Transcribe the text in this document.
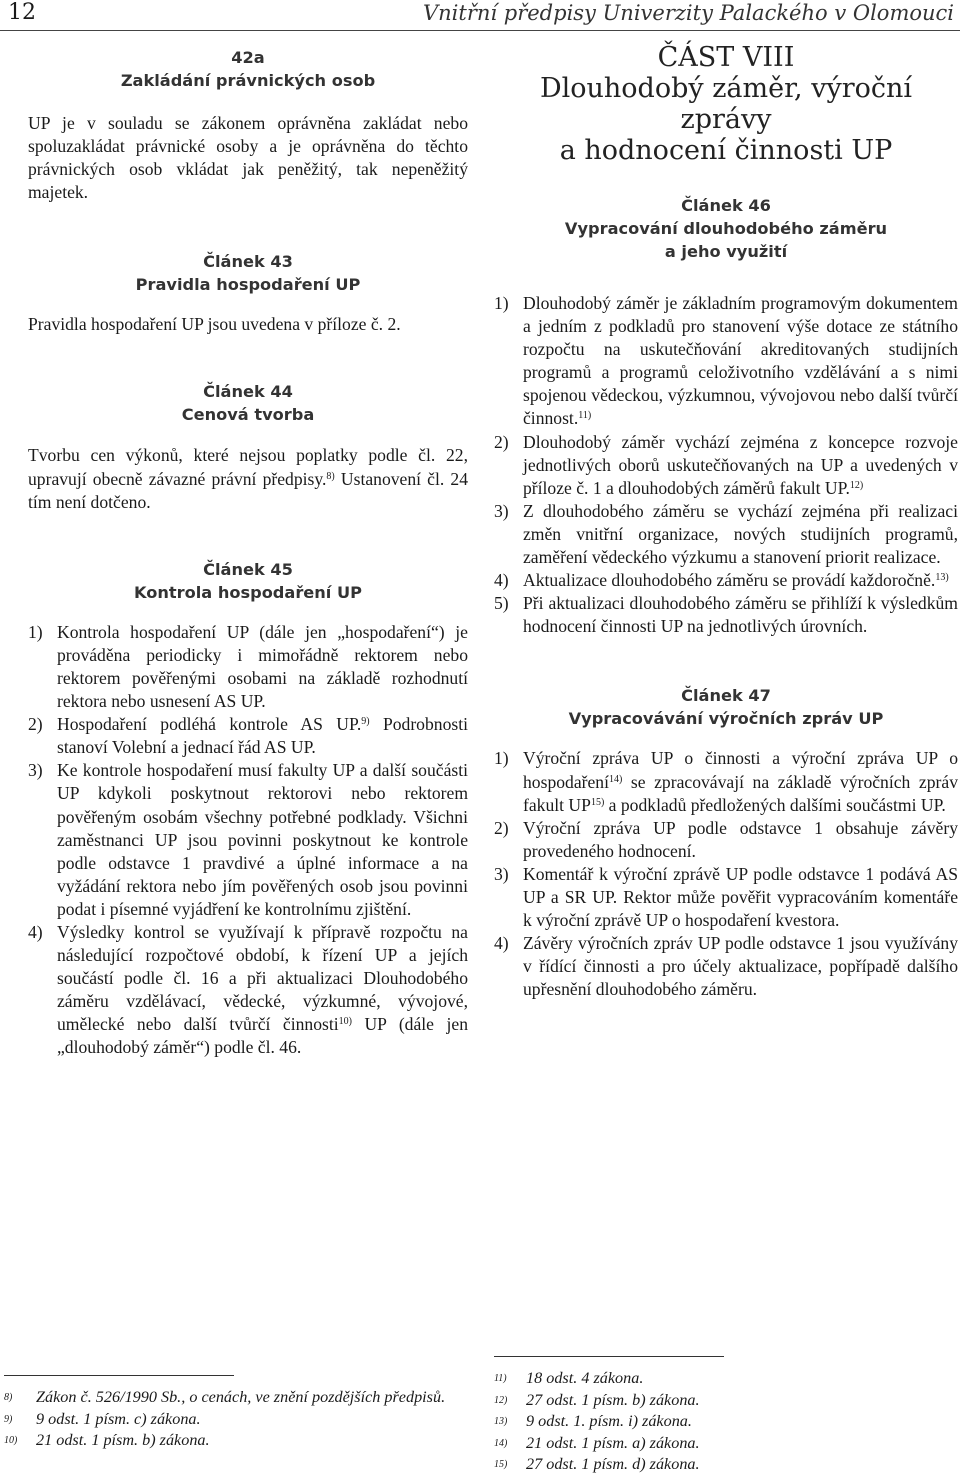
12	Vnitřní předpisy Univerzity Palackého v Olomouci
42a
Zakládání právnických osob

UP je v souladu se zákonem oprávněna zakládat nebo spoluzakládat právnické osoby a je oprávněna do těchto právnických osob vkládat jak peněžitý, tak nepeněžitý majetek.

Článek 43
Pravidla hospodaření UP

Pravidla hospodaření UP jsou uvedena v příloze č. 2.

Článek 44
Cenová tvorba

Tvorbu cen výkonů, které nejsou poplatky podle čl. 22, upravují obecně závazné právní předpisy.$^{8)}$ Ustanovení čl. 24 tím není dotčeno.

Článek 45
Kontrola hospodaření UP
1) Kontrola hospodaření UP (dále jen „hospodaření“) je prováděna periodicky i mimořádně rektorem nebo rektorem pověřenými osobami na základě rozhodnutí rektora nebo usnesení AS UP.
2) Hospodaření podléhá kontrole AS UP.$^{9)}$ Podrobnosti stanoví Volební a jednací řád AS UP.
3) Ke kontrole hospodaření musí fakulty UP a další součásti UP kdykoli poskytnout rektorovi nebo rektorem pověřeným osobám všechny potřebné podklady. Všichni zaměstnanci UP jsou povinni poskytnout ke kontrole podle odstavce 1 pravdivé a úplné informace a na vyžádání rektora nebo jím pověřených osob jsou povinni podat i písemné vyjádření ke kontrolnímu zjištění.
4) Výsledky kontrol se využívají k přípravě rozpočtu na následující rozpočtové období, k řízení UP a jejích součástí podle čl. 16 a při aktualizaci Dlouhodobého záměru vzdělávací, vědecké, výzkumné, vývojové, umělecké nebo další tvůrčí činnosti$^{10)}$ UP (dále jen „dlouhodobý záměr“) podle čl. 46.
ČÁST VIII
Dlouhodobý záměr, výroční zprávy
a hodnocení činnosti UP
Článek 46
Vypracování dlouhodobého záměru
a jeho využití
1) Dlouhodobý záměr je základním programovým dokumentem a jedním z podkladů pro stanovení výše dotace ze státního rozpočtu na uskutečňování akreditovaných studijních programů a programů celoživotního vzdělávání a s nimi spojenou vědeckou, výzkumnou, vývojovou nebo další tvůrčí činnost.$^{11)}$
2) Dlouhodobý záměr vychází zejména z koncepce rozvoje jednotlivých oborů uskutečňovaných na UP a uvedených v příloze č. 1 a dlouhodobých záměrů fakult UP.$^{12)}$
3) Z dlouhodobého záměru se vychází zejména při realizaci změn vnitřní organizace, nových studijních programů, zaměření vědeckého výzkumu a stanovení priorit realizace.
4) Aktualizace dlouhodobého záměru se provádí každoročně.$^{13)}$
5) Při aktualizaci dlouhodobého záměru se přihlíží k výsledkům hodnocení činnosti UP na jednotlivých úrovních.
Článek 47
Vypracovávání výročních zpráv UP
1) Výroční zpráva UP o činnosti a výroční zpráva UP o hospodaření$^{14)}$ se zpracovávají na základě výročních zpráv fakult UP$^{15)}$ a podkladů předložených dalšími součástmi UP.
2) Výroční zpráva UP podle odstavce 1 obsahuje závěry provedeného hodnocení.
3) Komentář k výroční zprávě UP podle odstavce 1 podává AS UP a SR UP. Rektor může pověřit vypracováním komentáře k výroční zprávě UP o hospodaření kvestora.
4) Závěry výročních zpráv UP podle odstavce 1 jsou využívány v řídící činnosti a pro účely aktualizace, popřípadě dalšího upřesnění dlouhodobého záměru.
8) Zákon č. 526/1990 Sb., o cenách, ve znění pozdějších předpisů.
9) 9 odst. 1 písm. c) zákona.
10) 21 odst. 1 písm. b) zákona.
11) 18 odst. 4 zákona.
12) 27 odst. 1 písm. b) zákona.
13) 9 odst. 1. písm. i) zákona.
14) 21 odst. 1 písm. a) zákona.
15) 27 odst. 1 písm. d) zákona.
